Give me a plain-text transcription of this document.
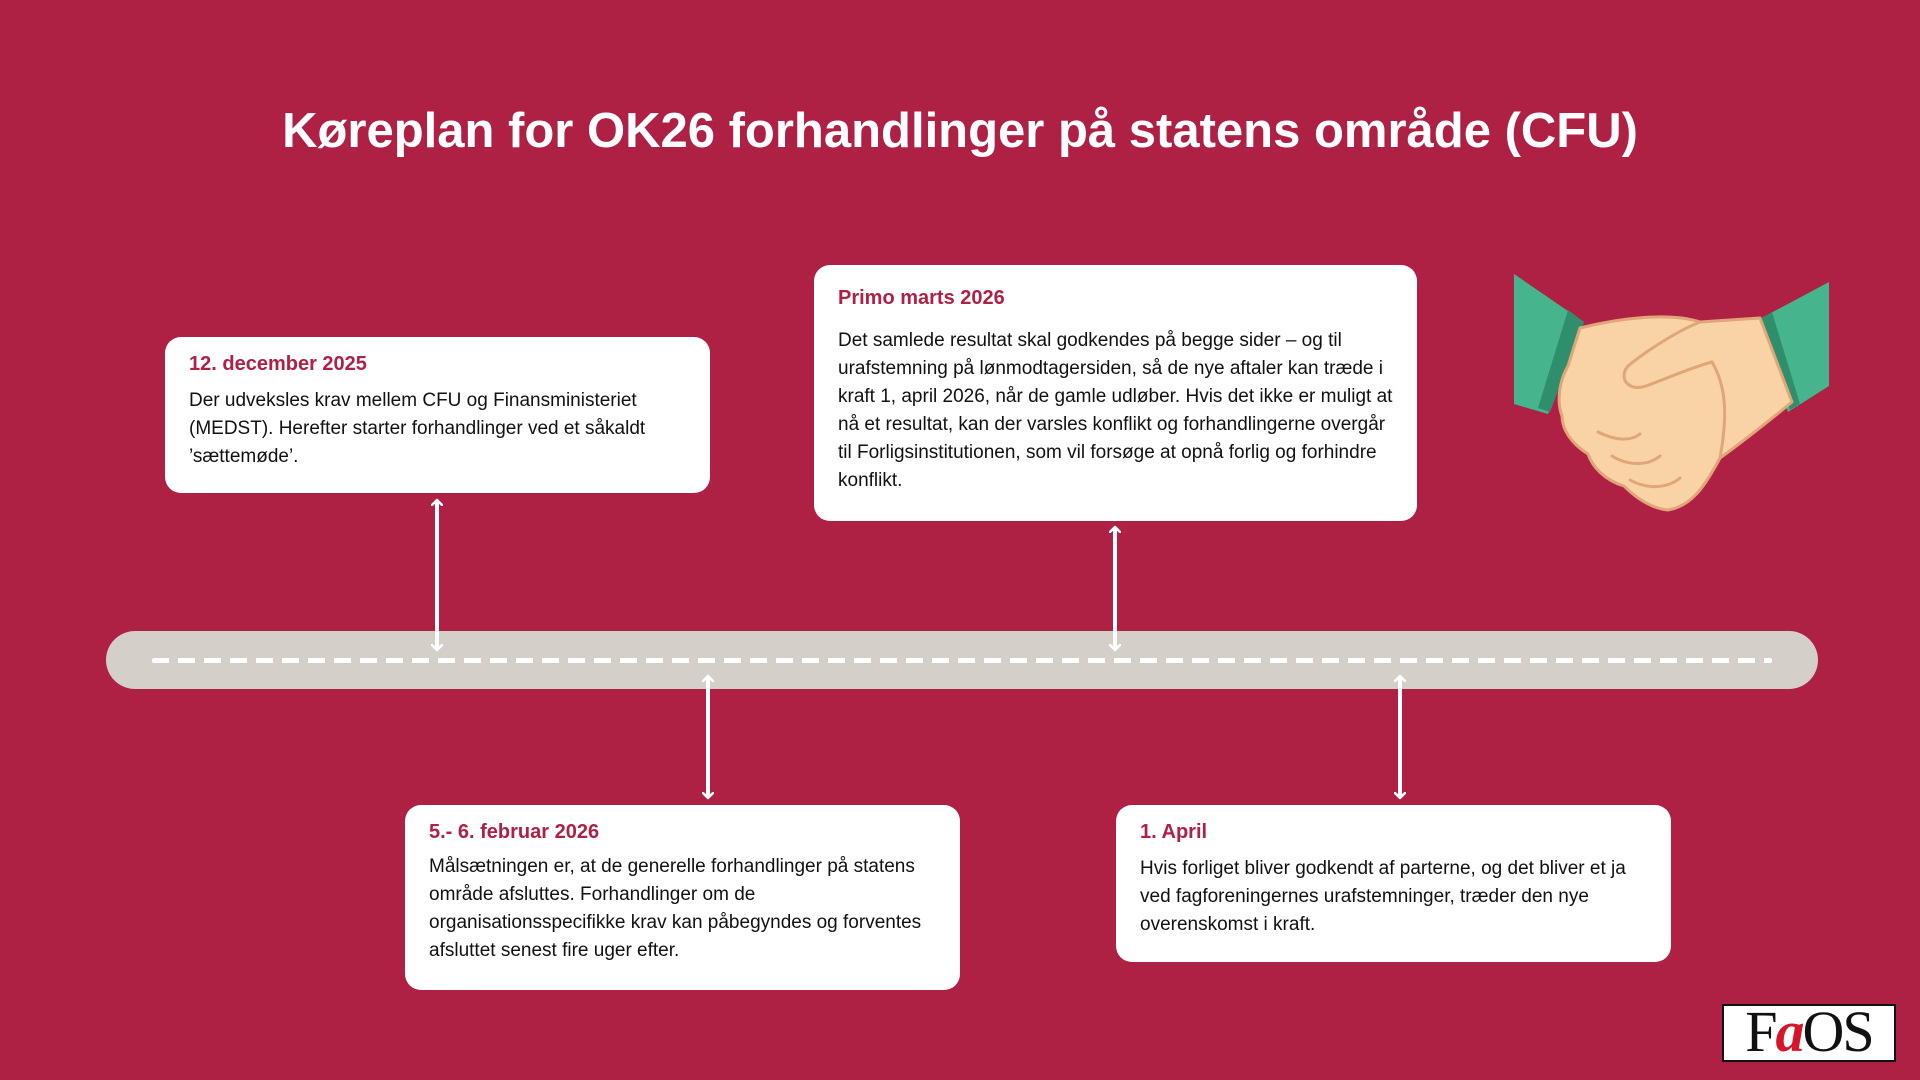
Køreplan for OK26 forhandlinger på statens område (CFU)

12. december 2025

Der udveksles krav mellem CFU og Finansministeriet (MEDST). Herefter starter forhandlinger ved et såkaldt ’sættemøde’.

Primo marts 2026

Det samlede resultat skal godkendes på begge sider – og til urafstemning på lønmodtagersiden, så de nye aftaler kan træde i kraft 1, april 2026, når de gamle udløber. Hvis det ikke er muligt at nå et resultat, kan der varsles konflikt og forhandlingerne overgår til Forligsinstitutionen, som vil forsøge at opnå forlig og forhindre konflikt.

5.- 6. februar 2026

Målsætningen er, at de generelle forhandlinger på statens område afsluttes. Forhandlinger om de organisationsspecifikke krav kan påbegyndes og forventes afsluttet senest fire uger efter.

1. April

Hvis forliget bliver godkendt af parterne, og det bliver et ja ved fagforeningernes urafstemninger, træder den nye overenskomst i kraft.

F a OS
